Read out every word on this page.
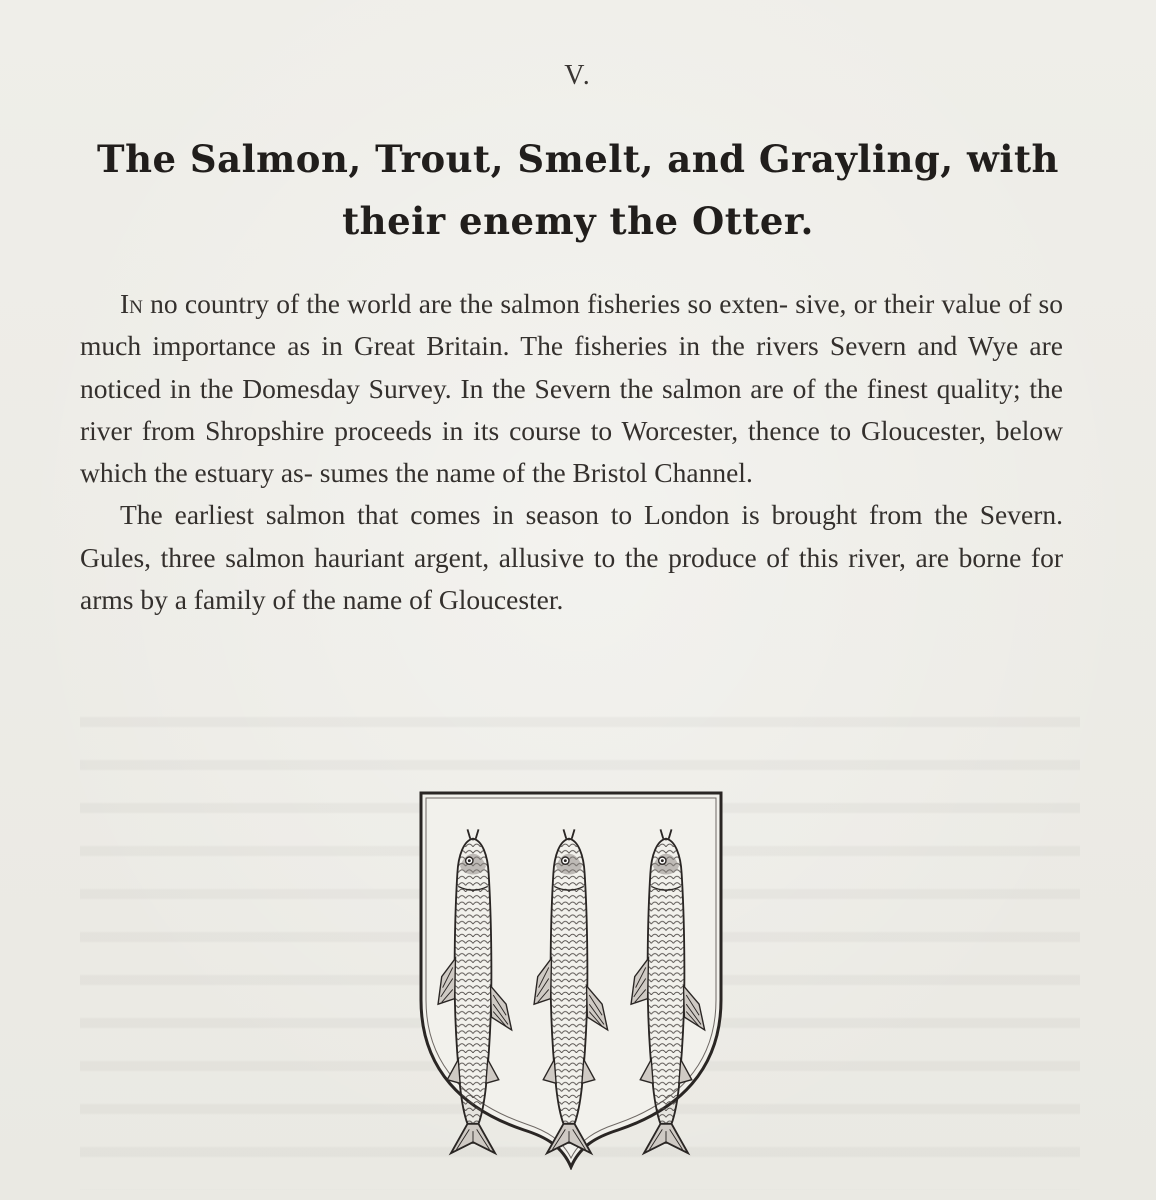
V.
The Salmon, Trout, Smelt, and Grayling, with
their enemy the Otter.

In no country of the world are the salmon fisheries so exten- sive, or their value of so much importance as in Great Britain. The fisheries in the rivers Severn and Wye are noticed in the Domesday Survey. In the Severn the salmon are of the finest quality; the river from Shropshire proceeds in its course to Worcester, thence to Gloucester, below which the estuary as- sumes the name of the Bristol Channel.

The earliest salmon that comes in season to London is brought from the Severn. Gules, three salmon hauriant argent, allusive to the produce of this river, are borne for arms by a family of the name of Gloucester.
